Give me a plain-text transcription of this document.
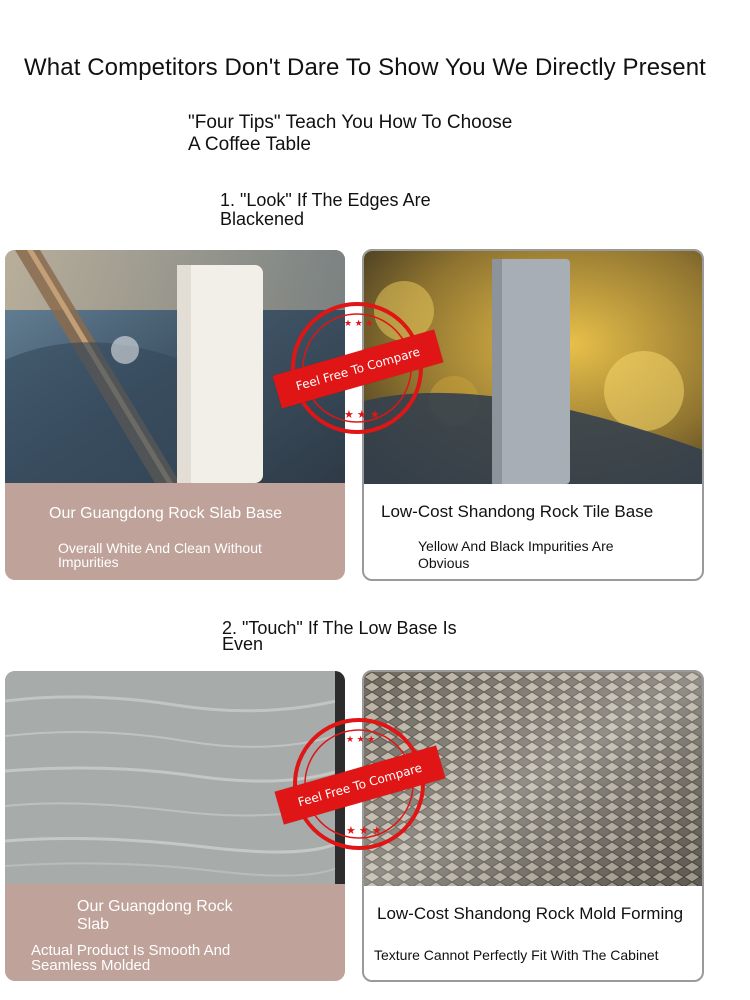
What Competitors Don't Dare To Show You We Directly Present
"Four Tips" Teach You How To Choose A Coffee Table
1. "Look" If The Edges Are Blackened
Our Guangdong Rock Slab Base
Overall White And Clean Without Impurities
Low-Cost Shandong Rock Tile Base
Yellow And Black Impurities Are Obvious
★ ★ ★
★ ★ ★
Feel Free To Compare
2. "Touch" If The Low Base Is Even
Our Guangdong Rock Slab
Actual Product Is Smooth And Seamless Molded
Low-Cost Shandong Rock Mold Forming
Texture Cannot Perfectly Fit With The Cabinet
★ ★ ★
★ ★ ★
Feel Free To Compare
